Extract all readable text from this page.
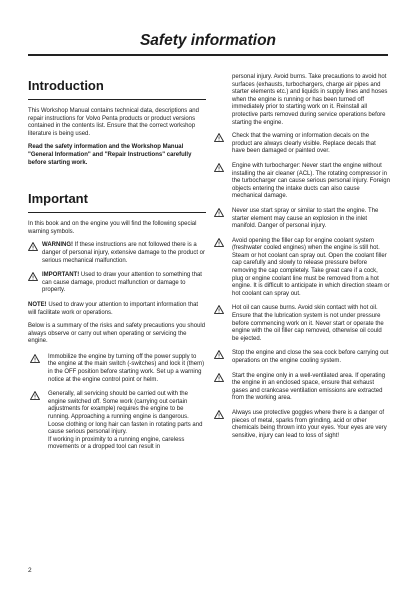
Safety information
Introduction

This Workshop Manual contains technical data, descriptions and repair instructions for Volvo Penta products or product versions contained in the contents list. Ensure that the correct workshop literature is being used.

Read the safety information and the Workshop Manual "General Information" and "Repair Instructions" carefully before starting work.

Important

In this book and on the engine you will find the following special warning symbols.

!
WARNING! If these instructions are not followed there is a danger of personal injury, extensive damage to the product or serious mechanical malfunction.
!
IMPORTANT! Used to draw your attention to something that can cause damage, product malfunction or damage to property.

NOTE! Used to draw your attention to important information that will facilitate work or operations.

Below is a summary of the risks and safety precautions you should always observe or carry out when operating or servicing the engine.

!
Immobilize the engine by turning off the power supply to the engine at the main switch (-switches) and lock it (them) in the OFF position before starting work. Set up a warning notice at the engine control point or helm.
!
Generally, all servicing should be carried out with the engine switched off. Some work (carrying out certain adjustments for example) requires the engine to be running. Approaching a running engine is dangerous. Loose clothing or long hair can fasten in rotating parts and cause serious personal injury.
If working in proximity to a running engine, careless movements or a dropped tool can result in

personal injury. Avoid burns. Take precautions to avoid hot surfaces (exhausts, turbochargers, charge air pipes and starter elements etc.) and liquids in supply lines and hoses when the engine is running or has been turned off immediately prior to starting work on it. Reinstall all protective parts removed during service operations before starting the engine.

!
Check that the warning or information decals on the product are always clearly visible. Replace decals that have been damaged or painted over.
!
Engine with turbocharger: Never start the engine without installing the air cleaner (ACL). The rotating compressor in the turbocharger can cause serious personal injury. Foreign objects entering the intake ducts can also cause mechanical damage.
!
Never use start spray or similar to start the engine. The starter element may cause an explosion in the inlet manifold. Danger of personal injury.
!
Avoid opening the filler cap for engine coolant system (freshwater cooled engines) when the engine is still hot. Steam or hot coolant can spray out. Open the coolant filler cap carefully and slowly to release pressure before removing the cap completely. Take great care if a cock, plug or engine coolant line must be removed from a hot engine. It is difficult to anticipate in which direction steam or hot coolant can spray out.
!
Hot oil can cause burns. Avoid skin contact with hot oil. Ensure that the lubrication system is not under pressure before commencing work on it. Never start or operate the engine with the oil filler cap removed, otherwise oil could be ejected.
!
Stop the engine and close the sea cock before carrying out operations on the engine cooling system.
!
Start the engine only in a well-ventilated area. If operating the engine in an enclosed space, ensure that exhaust gases and crankcase ventilation emissions are extracted from the working area.
!
Always use protective goggles where there is a danger of pieces of metal, sparks from grinding, acid or other chemicals being thrown into your eyes. Your eyes are very sensitive, injury can lead to loss of sight!
2
